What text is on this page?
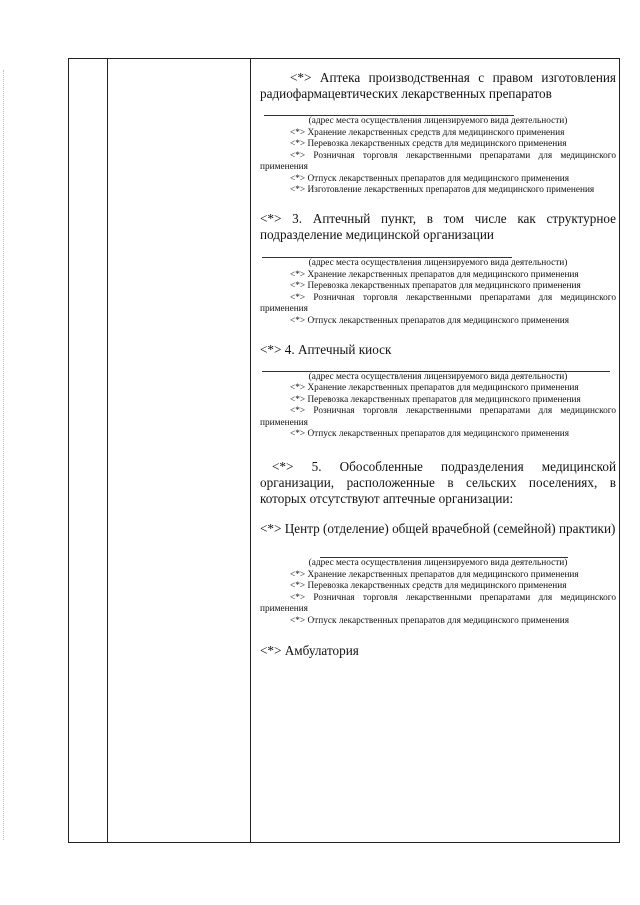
<*> Аптека производственная с правом изготовления радиофармацевтических лекарственных препаратов

(адрес места осуществления лицензируемого вида деятельности)

<*> Хранение лекарственных средств для медицинского применения

<*> Перевозка лекарственных средств для медицинского применения

<*> Розничная торговля лекарственными препаратами для медицинского применения

<*> Отпуск лекарственных препаратов для медицинского применения

<*> Изготовление лекарственных препаратов для медицинского применения

<*> 3. Аптечный пункт, в том числе как структурное подразделение медицинской организации

(адрес места осуществления лицензируемого вида деятельности)

<*> Хранение лекарственных препаратов для медицинского применения

<*> Перевозка лекарственных препаратов для медицинского применения

<*> Розничная торговля лекарственными препаратами для медицинского применения

<*> Отпуск лекарственных препаратов для медицинского применения

<*> 4. Аптечный киоск

(адрес места осуществления лицензируемого вида деятельности)

<*> Хранение лекарственных препаратов для медицинского применения

<*> Перевозка лекарственных препаратов для медицинского применения

<*> Розничная торговля лекарственными препаратами для медицинского применения

<*> Отпуск лекарственных препаратов для медицинского применения

<*> 5. Обособленные подразделения медицинской организации, расположенные в сельских поселениях, в которых отсутствуют аптечные организации:

<*> Центр (отделение) общей врачебной (семейной) практики)

(адрес места осуществления лицензируемого вида деятельности)

<*> Хранение лекарственных препаратов для медицинского применения

<*> Перевозка лекарственных средств для медицинского применения

<*> Розничная торговля лекарственными препаратами для медицинского применения

<*> Отпуск лекарственных препаратов для медицинского применения

<*> Амбулатория
